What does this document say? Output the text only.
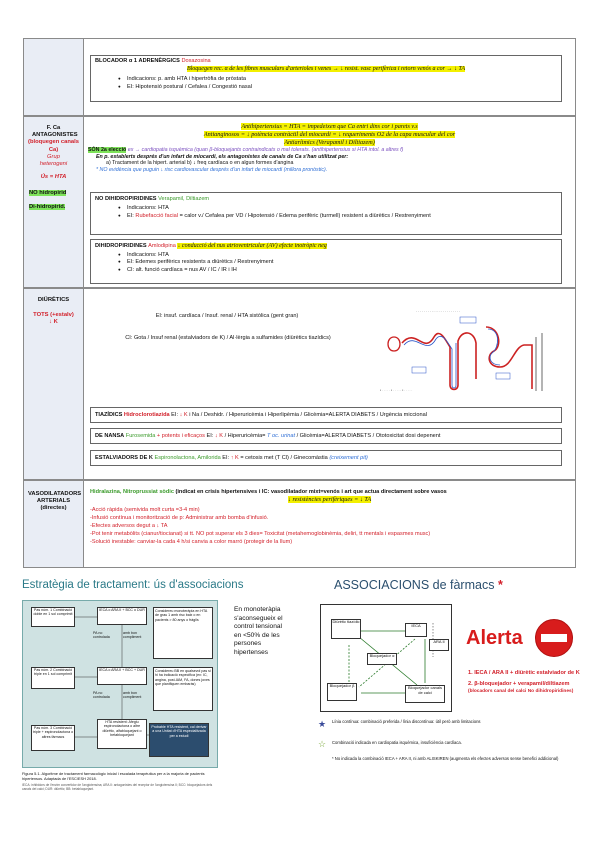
BLOCADOR α 1 ADRENÈRGICS Doxazosina
Bloquegen rec. α de les fibres musculars d'arterioles i venes → ↓ resist. vasc perifèrica i retorn venós a cor → ↓ TA
● Indicacions: p. amb HTA i hipertròfia de pròstata
● EI: Hipotensió postural / Cefalea / Congestió nasal
F. Ca ANTAGONISTES
(bloquegen canals Ca)
Grup heterogeni
Ús = HTA
NO hidropirid
Di-hidropirid.
Antihipertensius = HTA = impedeixen que Ca entri dins cor i parets v.s
Antianginosos = ↓ potència contràctil del miocardi = ↓ requeriments O2 de la capa muscular del cor
Antiarítmics (Verapamil i Diltiazem)
SÓN 2a elecció ex → cardiopatia isquèmica (quan β-bloquejants contraindicats o mal tolerats. (antihipertensius si HTA intol. a altres f)
En p. establerts després d'un infart de miocardi, els antagonistes de canals de Ca s'han utilitzat per:
a) Tractament de la hipert. arterial b) ↓ freq cardíaca o en algun formes d'angina
* NO evidència que puguin ↓ risc cardiovascular després d'un infart de miocardi (millora pronòstic).
NO DIHIDROPIRIDINES Verapamil, Diltiazem
● Indicacions: HTA
● EI: Rubefacció facial = calor v./ Cefalea per VD / Hipotensió / Edema perifèric (turmell) resistent a diürètics / Restrenyiment
DIHIDROPIRIDINES Amlodipina ↓ conducció del nus atrioventricular (AV) efecte inotròpic neg
● Indicacions: HTA
● EI: Edemes perifèrics resistents a diürètics / Restrenyiment
● CI: alt. funció cardíaca = nus AV / IC / IR i IH
DIÜRÈTICS
TOTS (+estalv)
↓ K
EI: insuf. cardíaca / Insuf. renal / HTA sistòlica (gent gran)
CI: Gota / Insuf renal (estalviadors de K) / Al·lèrgia a sulfamides (diürètics tiazídics)
· · · · · · · · · · · · · · · · · · · · · · ·
▪ · · · · · ▪ · · · · · ▪ · · · · ·
TIAZÍDICS Hidroclorotiazida EI: ↓ K i Na / Deshidr. / Hiperuricèmia i Hiperlipèmia / Glicèmia=ALERTA DIABETS / Urgència miccional
DE NANSA Furosemida + potents i eficaços EI: ↓ K / Hiperuricèmia= T oc. urinat / Glicèmia=ALERTA DIABETS / Ototoxicitat dosi depenent
ESTALVIADORS DE K Espironolactona, Amilorida EI: ↑ K = cetosis met (T Cl) / Ginecomàstia (creixement pit)
VASODILATADORS ARTERIALS (directes)
Hidralazina, Nitroprussiat sòdic (indicat en crisis hipertensives i IC: vasodilatador mixt=venós i art que actua directament sobre vasos
↓ resistències perifèriques = ↓ TA
-Acció ràpida (semivida molt curta =3-4 min)
-Infusió contínua i monitorització de p: Administrar amb bomba d'infusió.
-Efectes adversos degut a ↓ TA
-Pot tenir metabòlits (cianur/tiocianat) si tt. NO pot superar els 3 dies= Toxicitat (metahemoglobinèmia, deliri, tt mentals i espasmes musc)
-Solució inestable: canviar-la cada 4 h/si canvia a color marró (protegir de la llum)
Estratègia de tractament: ús d'associacions
Pas núm. 1 Combinació doble en 1 sol comprimit
Pas núm. 2 Combinació triple en 1 sol comprimit
Pas núm. 3 Combinació triple + espironolactona o altres fàrmacs
IECA o ARA II + BCC o DUR
IECA o ARA II + BCC + DUR
HTA resistent: Afegiu espironolactona o altre diürètic, alfabloquejant o betabloquejant
Considereu monoteràpia en HTA de grau 1 amb risc baix o en pacients > 80 anys o fràgils
Considereu BB en qualsevol pas si hi ha indicació específica (ex: IC, angina, post-IAM, FA, dones joves que planifiquen embaràs)
PA no controlada
amb bon compliment
PA no controlada
amb bon compliment
Probable HTA resistent, cal derivar a una Unitat d'HTA especialitzada per a estudi
Figura 5.1. Algoritme de tractament farmacològic inicial i escalada terapèutica per a la majoria de pacients hipertensos. Adaptada de l'ESC/ESH 2018.
IECA: inhibidors de l'enzim convertidor de l'angiotensina; ARA II: antagonistes del receptor de l'angiotensina II; BCC: bloquejadors dels canals del calci; DUR: diürètic; BB: betabloquejant.
En monoteràpia s'aconsegueix el control tensional en <50% de les persones hipertenses
ASSOCIACIONS de fàrmacs *
Diürètic tiazídic
IECA
ARA II
Bloquejador β
Bloquejador α
Bloquejador canals de calci
Alerta
1. IECA / ARA II + diürètic estalviador de K
2. β-bloquejador + verapamil/diltiazem
(blocadors canal del calci No dihidropiridines)
★	Línia contínua: combinació preferida / línia discontínua: útil però amb limitacions
☆	Combinació indicada en cardiopatia isquèmica, insuficiència cardíaca.
* No indicada la combinació IECA + ARA II, ni amb ALISKIREN (augmenta els efectes adversos sense benefici addicional)
